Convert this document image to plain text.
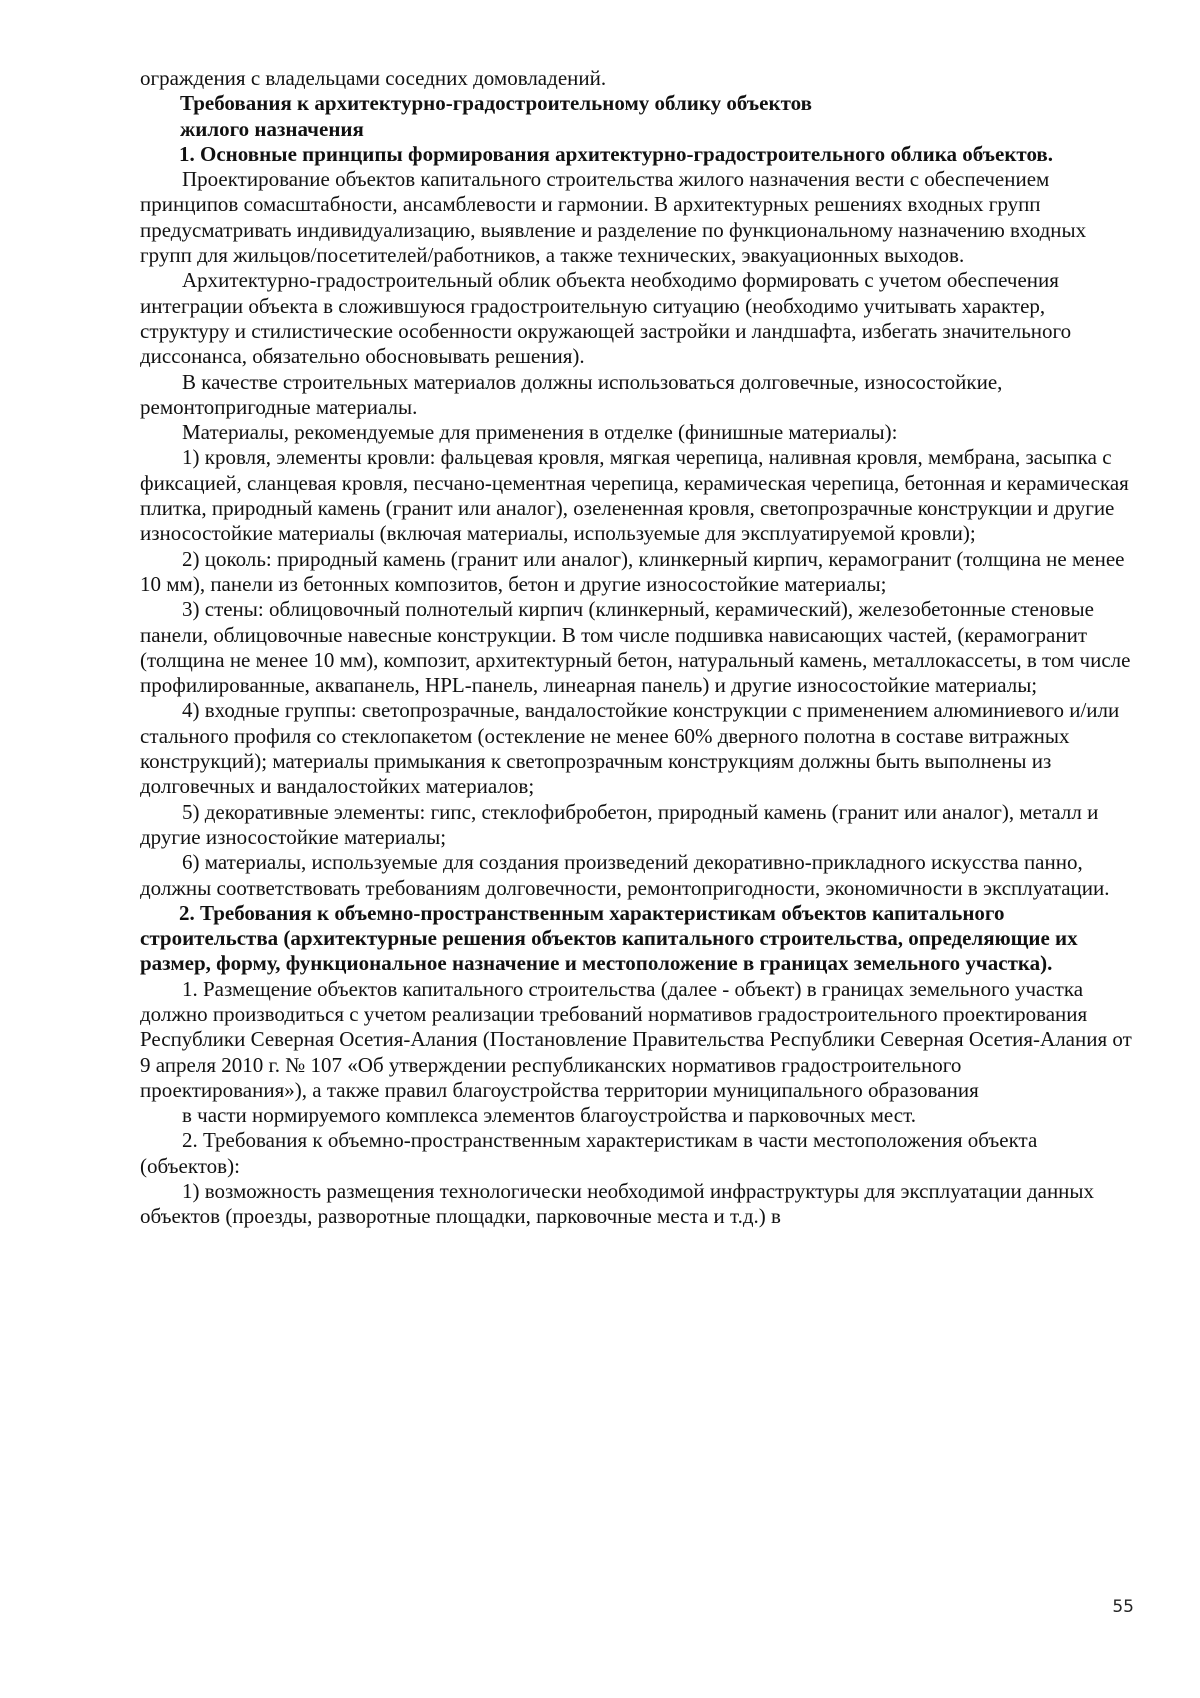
ограждения с владельцами соседних домовладений.

Требования к архитектурно-градостроительному облику объектов
жилого назначения

1. Основные принципы формирования архитектурно-градостроительного облика объектов.

Проектирование объектов капитального строительства жилого назначения вести с обеспечением принципов сомасштабности, ансамблевости и гармонии. В архитектурных решениях входных групп предусматривать индивидуализацию, выявление и разделение по функциональному назначению входных групп для жильцов/посетителей/работников, а также технических, эвакуационных выходов.

Архитектурно-градостроительный облик объекта необходимо формировать с учетом обеспечения интеграции объекта в сложившуюся градостроительную ситуацию (необходимо учитывать характер, структуру и стилистические особенности окружающей застройки и ландшафта, избегать значительного диссонанса, обязательно обосновывать решения).

В качестве строительных материалов должны использоваться долговечные, износостойкие, ремонтопригодные материалы.

Материалы, рекомендуемые для применения в отделке (финишные материалы):

1) кровля, элементы кровли: фальцевая кровля, мягкая черепица, наливная кровля, мембрана, засыпка с фиксацией, сланцевая кровля, песчано-цементная черепица, керамическая черепица, бетонная и керамическая плитка, природный камень (гранит или аналог), озелененная кровля, светопрозрачные конструкции и другие износостойкие материалы (включая материалы, используемые для эксплуатируемой кровли);

2) цоколь: природный камень (гранит или аналог), клинкерный кирпич, керамогранит (толщина не менее 10 мм), панели из бетонных композитов, бетон и другие износостойкие материалы;

3) стены: облицовочный полнотелый кирпич (клинкерный, керамический), железобетонные стеновые панели, облицовочные навесные конструкции. В том числе подшивка нависающих частей, (керамогранит (толщина не менее 10 мм), композит, архитектурный бетон, натуральный камень, металлокассеты, в том числе профилированные, аквапанель, HPL-панель, линеарная панель) и другие износостойкие материалы;

4) входные группы: светопрозрачные, вандалостойкие конструкции с применением алюминиевого и/или стального профиля со стеклопакетом (остекление не менее 60% дверного полотна в составе витражных конструкций); материалы примыкания к светопрозрачным конструкциям должны быть выполнены из долговечных и вандалостойких материалов;

5) декоративные элементы: гипс, стеклофибробетон, природный камень (гранит или аналог), металл и другие износостойкие материалы;

6) материалы, используемые для создания произведений декоративно-прикладного искусства панно, должны соответствовать требованиям долговечности, ремонтопригодности, экономичности в эксплуатации.

2. Требования к объемно-пространственным характеристикам объектов капитального строительства (архитектурные решения объектов капитального строительства, определяющие их размер, форму, функциональное назначение и местоположение в границах земельного участка).

1. Размещение объектов капитального строительства (далее - объект) в границах земельного участка должно производиться с учетом реализации требований нормативов градостроительного проектирования Республики Северная Осетия-Алания (Постановление Правительства Республики Северная Осетия-Алания от 9 апреля 2010 г. № 107 «Об утверждении республиканских нормативов градостроительного проектирования»), а также правил благоустройства территории муниципального образования

в части нормируемого комплекса элементов благоустройства и парковочных мест.

2. Требования к объемно-пространственным характеристикам в части местоположения объекта (объектов):

1) возможность размещения технологически необходимой инфраструктуры для эксплуатации данных объектов (проезды, разворотные площадки, парковочные места и т.д.) в

55
